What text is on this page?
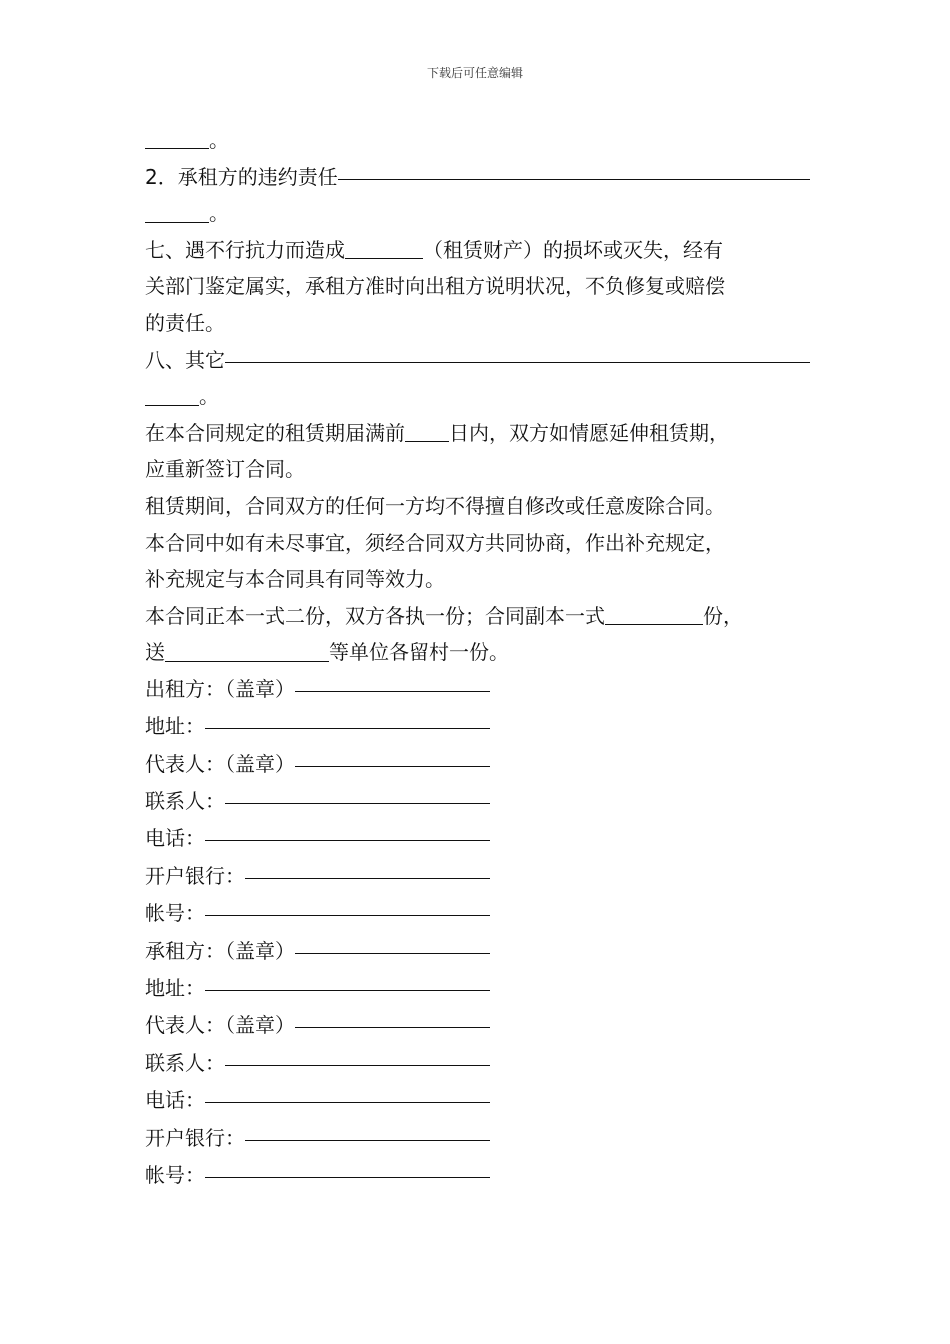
下载后可任意编辑
。
2．承租方的违约责任
。
七、遇不行抗力而造成	（租赁财产）的损坏或灭失，经有
关部门鉴定属实，承租方准时向出租方说明状况，不负修复或赔偿
的责任。
八、其它
。
在本合同规定的租赁期届满前 日内，双方如情愿延伸租赁期，
应重新签订合同。
租赁期间，合同双方的任何一方均不得擅自修改或任意废除合同。
本合同中如有未尽事宜，须经合同双方共同协商，作出补充规定，
补充规定与本合同具有同等效力。
本合同正本一式二份，双方各执一份；合同副本一式	份，
送	等单位各留村一份。
出租方：（盖章）
地址：
代表人：（盖章）
联系人：
电话：
开户银行：
帐号：
承租方：（盖章）
地址：
代表人：（盖章）
联系人：
电话：
开户银行：
帐号：
